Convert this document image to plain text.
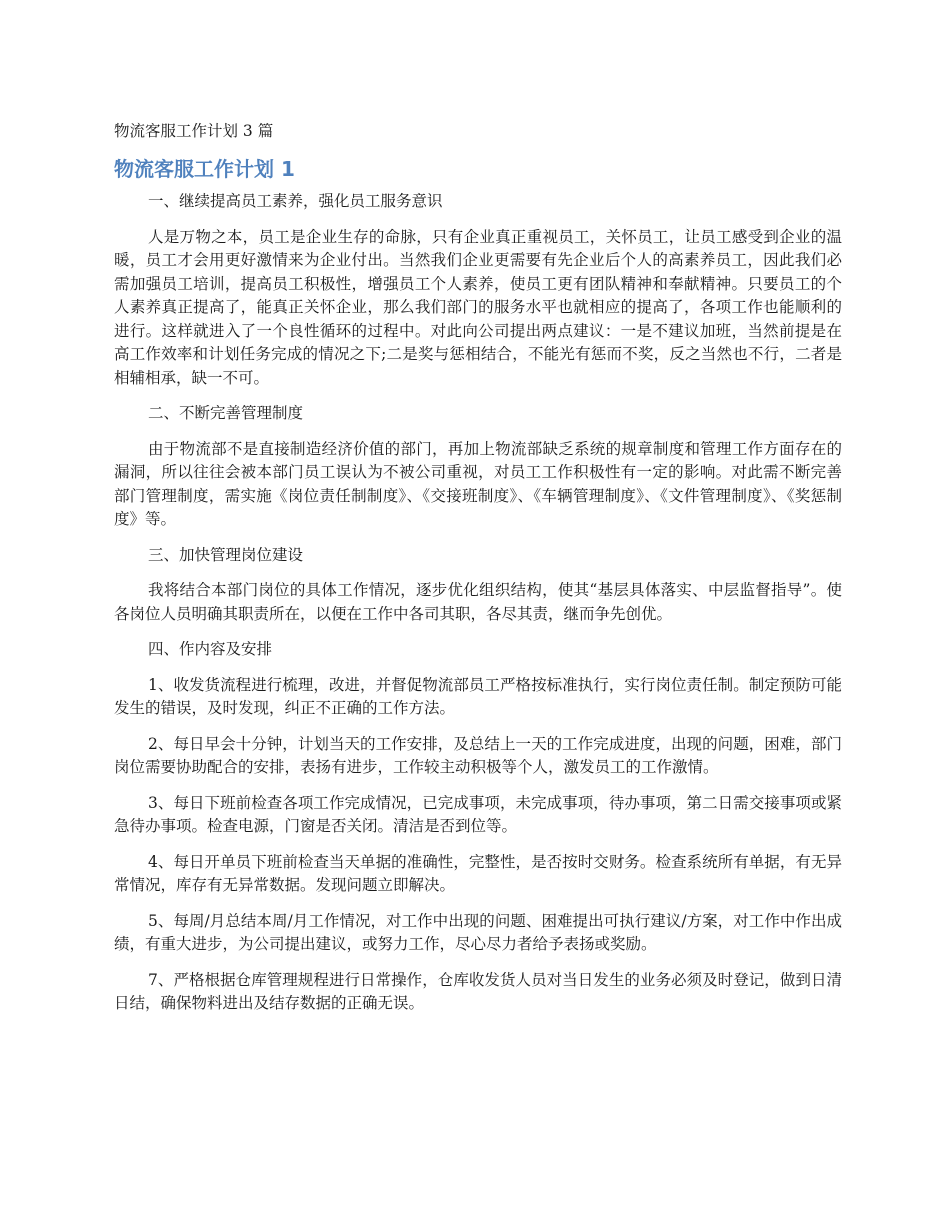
物流客服工作计划 3 篇
物流客服工作计划 1

一、继续提高员工素养，强化员工服务意识

人是万物之本，员工是企业生存的命脉，只有企业真正重视员工，关怀员工，让员工感受到企业的温暖，员工才会用更好激情来为企业付出。当然我们企业更需要有先企业后个人的高素养员工，因此我们必需加强员工培训，提高员工积极性，增强员工个人素养，使员工更有团队精神和奉献精神。只要员工的个人素养真正提高了，能真正关怀企业，那么我们部门的服务水平也就相应的提高了，各项工作也能顺利的进行。这样就进入了一个良性循环的过程中。对此向公司提出两点建议：一是不建议加班，当然前提是在高工作效率和计划任务完成的情况之下;二是奖与惩相结合，不能光有惩而不奖，反之当然也不行，二者是相辅相承，缺一不可。

二、不断完善管理制度

由于物流部不是直接制造经济价值的部门，再加上物流部缺乏系统的规章制度和管理工作方面存在的漏洞，所以往往会被本部门员工误认为不被公司重视，对员工工作积极性有一定的影响。对此需不断完善部门管理制度，需实施《岗位责任制制度》、《交接班制度》、《车辆管理制度》、《文件管理制度》、《奖惩制度》等。

三、加快管理岗位建设

我将结合本部门岗位的具体工作情况，逐步优化组织结构，使其“基层具体落实、中层监督指导”。使各岗位人员明确其职责所在，以便在工作中各司其职，各尽其责，继而争先创优。

四、作内容及安排

1、收发货流程进行梳理，改进，并督促物流部员工严格按标准执行，实行岗位责任制。制定预防可能发生的错误，及时发现，纠正不正确的工作方法。

2、每日早会十分钟，计划当天的工作安排，及总结上一天的工作完成进度，出现的问题，困难，部门岗位需要协助配合的安排，表扬有进步，工作较主动积极等个人，激发员工的工作激情。

3、每日下班前检查各项工作完成情况，已完成事项，未完成事项，待办事项，第二日需交接事项或紧急待办事项。检查电源，门窗是否关闭。清洁是否到位等。

4、每日开单员下班前检查当天单据的准确性，完整性，是否按时交财务。检查系统所有单据，有无异常情况，库存有无异常数据。发现问题立即解决。

5、每周/月总结本周/月工作情况，对工作中出现的问题、困难提出可执行建议/方案，对工作中作出成绩，有重大进步，为公司提出建议，或努力工作，尽心尽力者给予表扬或奖励。

7、严格根据仓库管理规程进行日常操作，仓库收发货人员对当日发生的业务必须及时登记，做到日清日结，确保物料进出及结存数据的正确无误。
